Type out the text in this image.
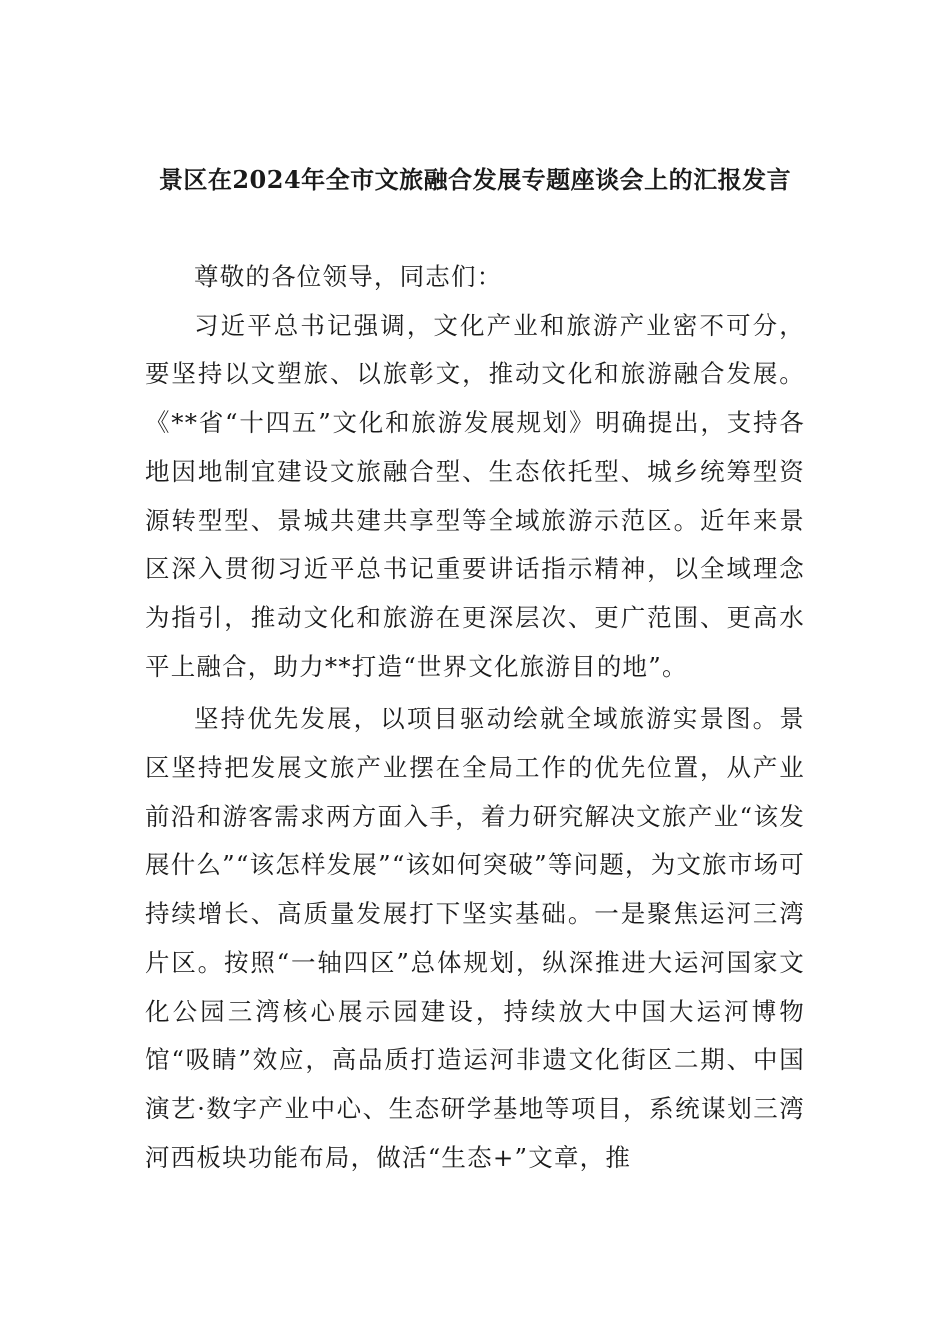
景区在2024年全市文旅融合发展专题座谈会上的汇报发言

尊敬的各位领导，同志们：

习近平总书记强调，文化产业和旅游产业密不可分，要坚持以文塑旅、以旅彰文，推动文化和旅游融合发展。《**省“十四五”文化和旅游发展规划》明确提出，支持各地因地制宜建设文旅融合型、生态依托型、城乡统筹型资源转型型、景城共建共享型等全域旅游示范区。近年来景区深入贯彻习近平总书记重要讲话指示精神，以全域理念为指引，推动文化和旅游在更深层次、更广范围、更高水平上融合，助力**打造“世界文化旅游目的地”。

坚持优先发展，以项目驱动绘就全域旅游实景图。景区坚持把发展文旅产业摆在全局工作的优先位置，从产业前沿和游客需求两方面入手，着力研究解决文旅产业“该发展什么”“该怎样发展”“该如何突破”等问题，为文旅市场可持续增长、高质量发展打下坚实基础。一是聚焦运河三湾片区。按照“一轴四区”总体规划，纵深推进大运河国家文化公园三湾核心展示园建设，持续放大中国大运河博物馆“吸睛”效应，高品质打造运河非遗文化街区二期、中国演艺·数字产业中心、生态研学基地等项目，系统谋划三湾河西板块功能布局，做活“生态+”文章，推
